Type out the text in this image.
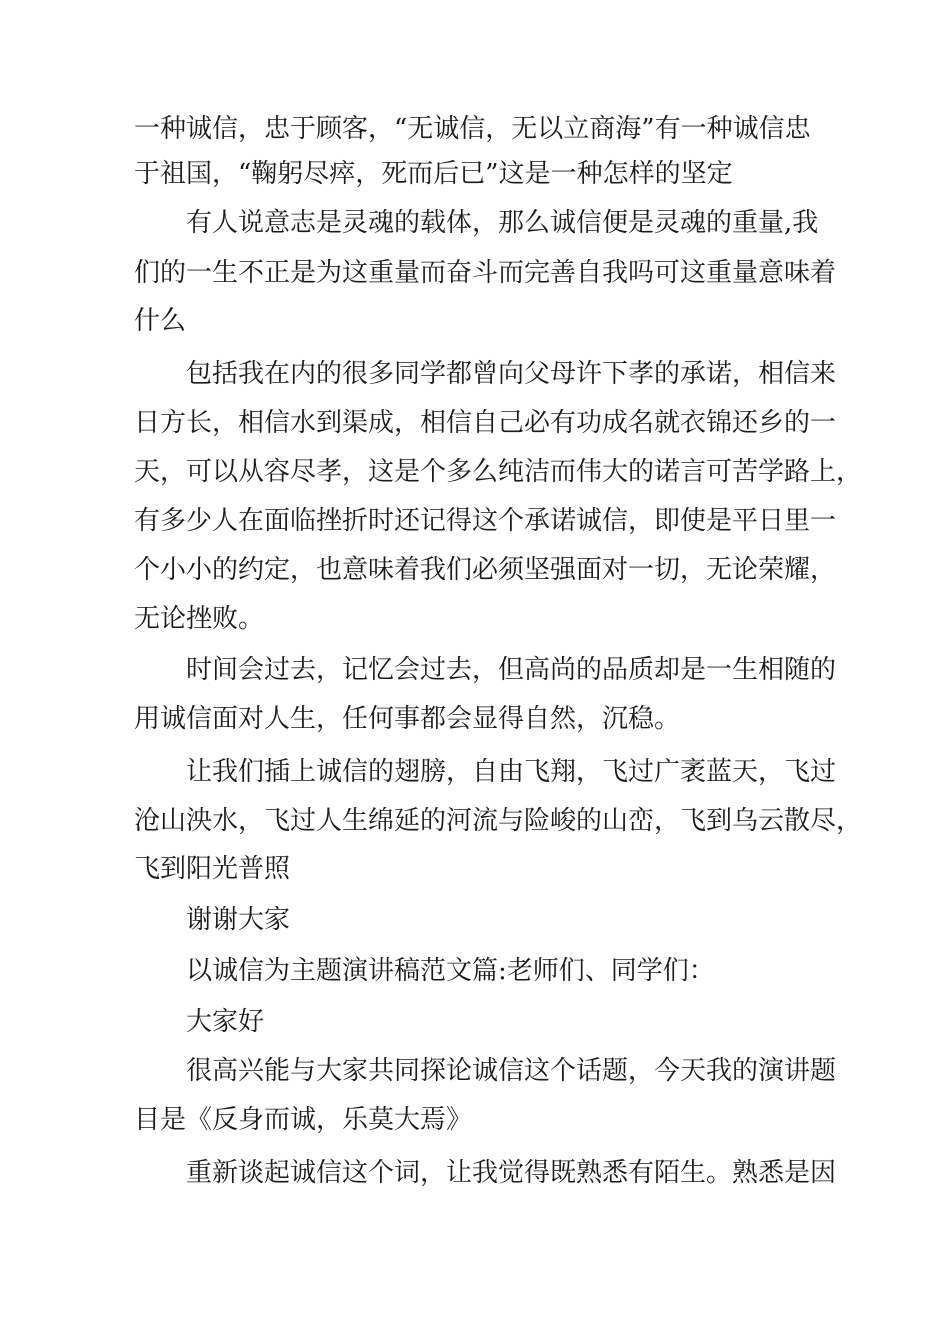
一种诚信，忠于顾客，“无诚信，无以立商海”有一种诚信忠
于祖国，“鞠躬尽瘁，死而后已”这是一种怎样的坚定
有人说意志是灵魂的载体，那么诚信便是灵魂的重量,我
们的一生不正是为这重量而奋斗而完善自我吗可这重量意味着
什么
包括我在内的很多同学都曾向父母许下孝的承诺，相信来
日方长，相信水到渠成，相信自己必有功成名就衣锦还乡的一
天，可以从容尽孝，这是个多么纯洁而伟大的诺言可苦学路上，
有多少人在面临挫折时还记得这个承诺诚信，即使是平日里一
个小小的约定，也意味着我们必须坚强面对一切，无论荣耀，
无论挫败。
时间会过去，记忆会过去，但高尚的品质却是一生相随的
用诚信面对人生，任何事都会显得自然，沉稳。
让我们插上诚信的翅膀，自由飞翔，飞过广袤蓝天，飞过
沧山泱水，飞过人生绵延的河流与险峻的山峦，飞到乌云散尽，
飞到阳光普照
谢谢大家
以诚信为主题演讲稿范文篇:老师们、同学们：
大家好
很高兴能与大家共同探论诚信这个话题，今天我的演讲题
目是《反身而诚，乐莫大焉》
重新谈起诚信这个词，让我觉得既熟悉有陌生。熟悉是因
